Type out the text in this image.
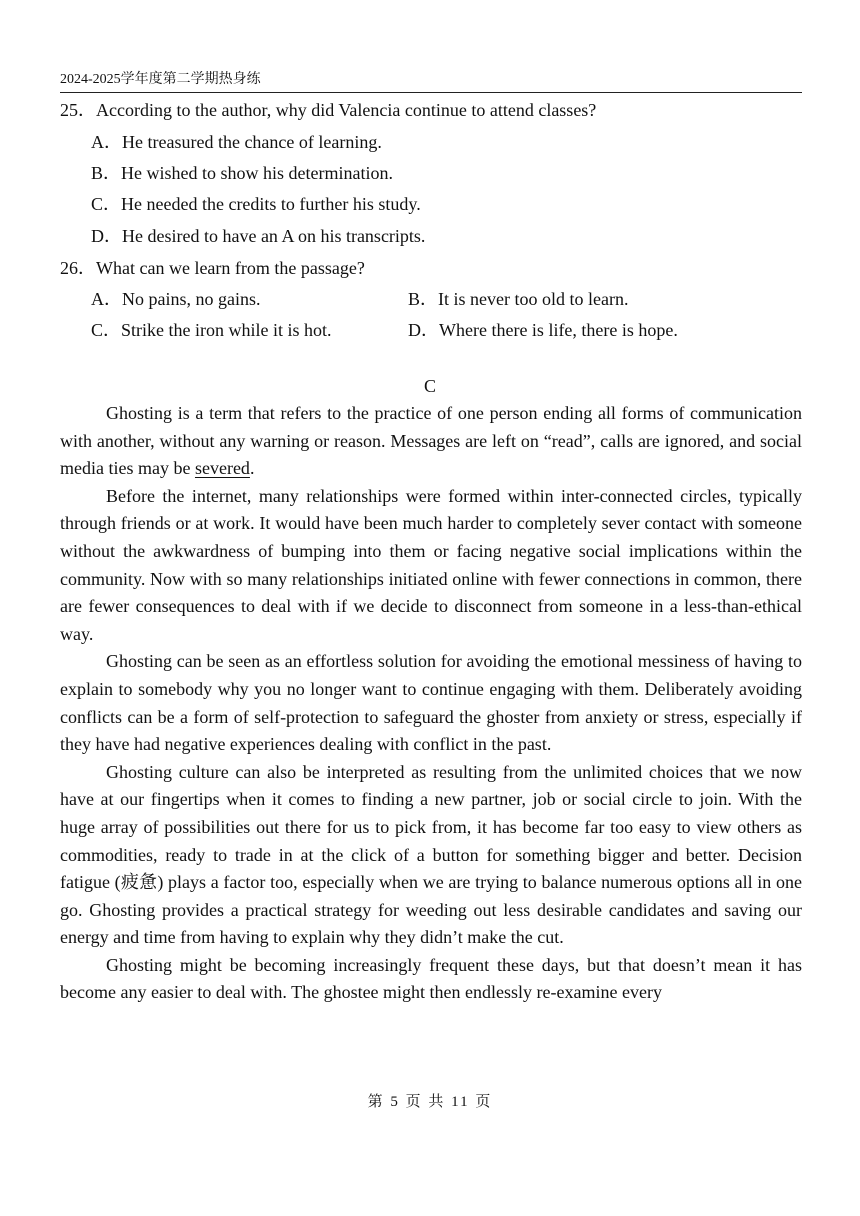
2024-2025学年度第二学期热身练
25．According to the author, why did Valencia continue to attend classes?
A．He treasured the chance of learning.
B．He wished to show his determination.
C．He needed the credits to further his study.
D．He desired to have an A on his transcripts.
26．What can we learn from the passage?
A．No pains, no gains.	B．It is never too old to learn.
C．Strike the iron while it is hot.	D．Where there is life, there is hope.
C

Ghosting is a term that refers to the practice of one person ending all forms of communication with another, without any warning or reason. Messages are left on “read”, calls are ignored, and social media ties may be severed.

Before the internet, many relationships were formed within inter-connected circles, typically through friends or at work. It would have been much harder to completely sever contact with someone without the awkwardness of bumping into them or facing negative social implications within the community. Now with so many relationships initiated online with fewer connections in common, there are fewer consequences to deal with if we decide to disconnect from someone in a less-than-ethical way.

Ghosting can be seen as an effortless solution for avoiding the emotional messiness of having to explain to somebody why you no longer want to continue engaging with them. Deliberately avoiding conflicts can be a form of self-protection to safeguard the ghoster from anxiety or stress, especially if they have had negative experiences dealing with conflict in the past.

Ghosting culture can also be interpreted as resulting from the unlimited choices that we now have at our fingertips when it comes to finding a new partner, job or social circle to join. With the huge array of possibilities out there for us to pick from, it has become far too easy to view others as commodities, ready to trade in at the click of a button for something bigger and better. Decision fatigue (疲惫) plays a factor too, especially when we are trying to balance numerous options all in one go. Ghosting provides a practical strategy for weeding out less desirable candidates and saving our energy and time from having to explain why they didn’t make the cut.

Ghosting might be becoming increasingly frequent these days, but that doesn’t mean it has become any easier to deal with. The ghostee might then endlessly re-examine every

第 5 页 共 11 页
